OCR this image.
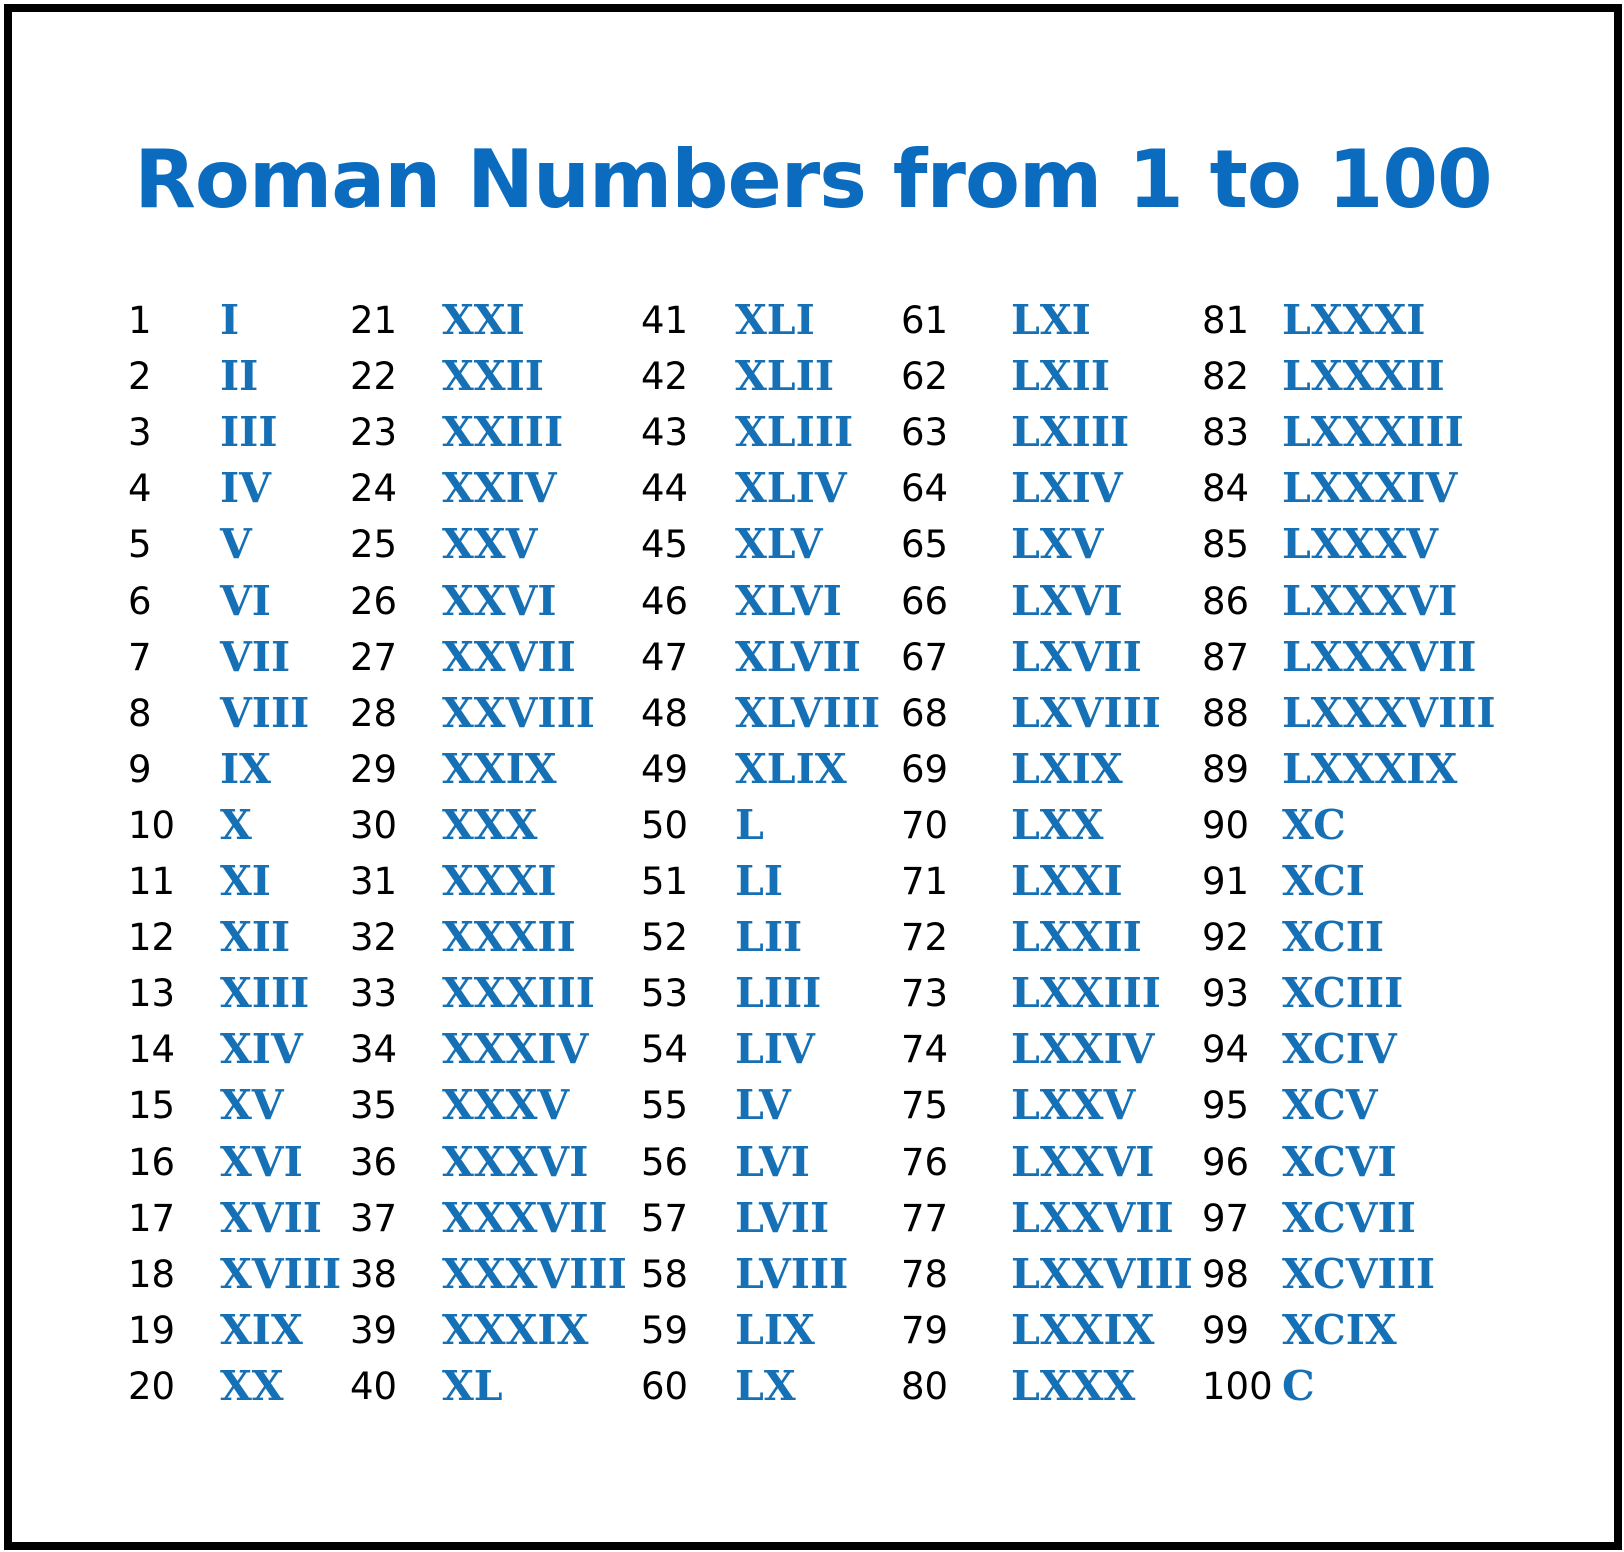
Roman Numbers from 1 to 100
1 I
2 II
3 III
4 IV
5 V
6 VI
7 VII
8 VIII
9 IX
10 X
11 XI
12 XII
13 XIII
14 XIV
15 XV
16 XVI
17 XVII
18 XVIII
19 XIX
20 XX
21 XXI
22 XXII
23 XXIII
24 XXIV
25 XXV
26 XXVI
27 XXVII
28 XXVIII
29 XXIX
30 XXX
31 XXXI
32 XXXII
33 XXXIII
34 XXXIV
35 XXXV
36 XXXVI
37 XXXVII
38 XXXVIII
39 XXXIX
40 XL
41 XLI
42 XLII
43 XLIII
44 XLIV
45 XLV
46 XLVI
47 XLVII
48 XLVIII
49 XLIX
50 L
51 LI
52 LII
53 LIII
54 LIV
55 LV
56 LVI
57 LVII
58 LVIII
59 LIX
60 LX
61 LXI
62 LXII
63 LXIII
64 LXIV
65 LXV
66 LXVI
67 LXVII
68 LXVIII
69 LXIX
70 LXX
71 LXXI
72 LXXII
73 LXXIII
74 LXXIV
75 LXXV
76 LXXVI
77 LXXVII
78 LXXVIII
79 LXXIX
80 LXXX
81 LXXXI
82 LXXXII
83 LXXXIII
84 LXXXIV
85 LXXXV
86 LXXXVI
87 LXXXVII
88 LXXXVIII
89 LXXXIX
90 XC
91 XCI
92 XCII
93 XCIII
94 XCIV
95 XCV
96 XCVI
97 XCVII
98 XCVIII
99 XCIX
100 C
